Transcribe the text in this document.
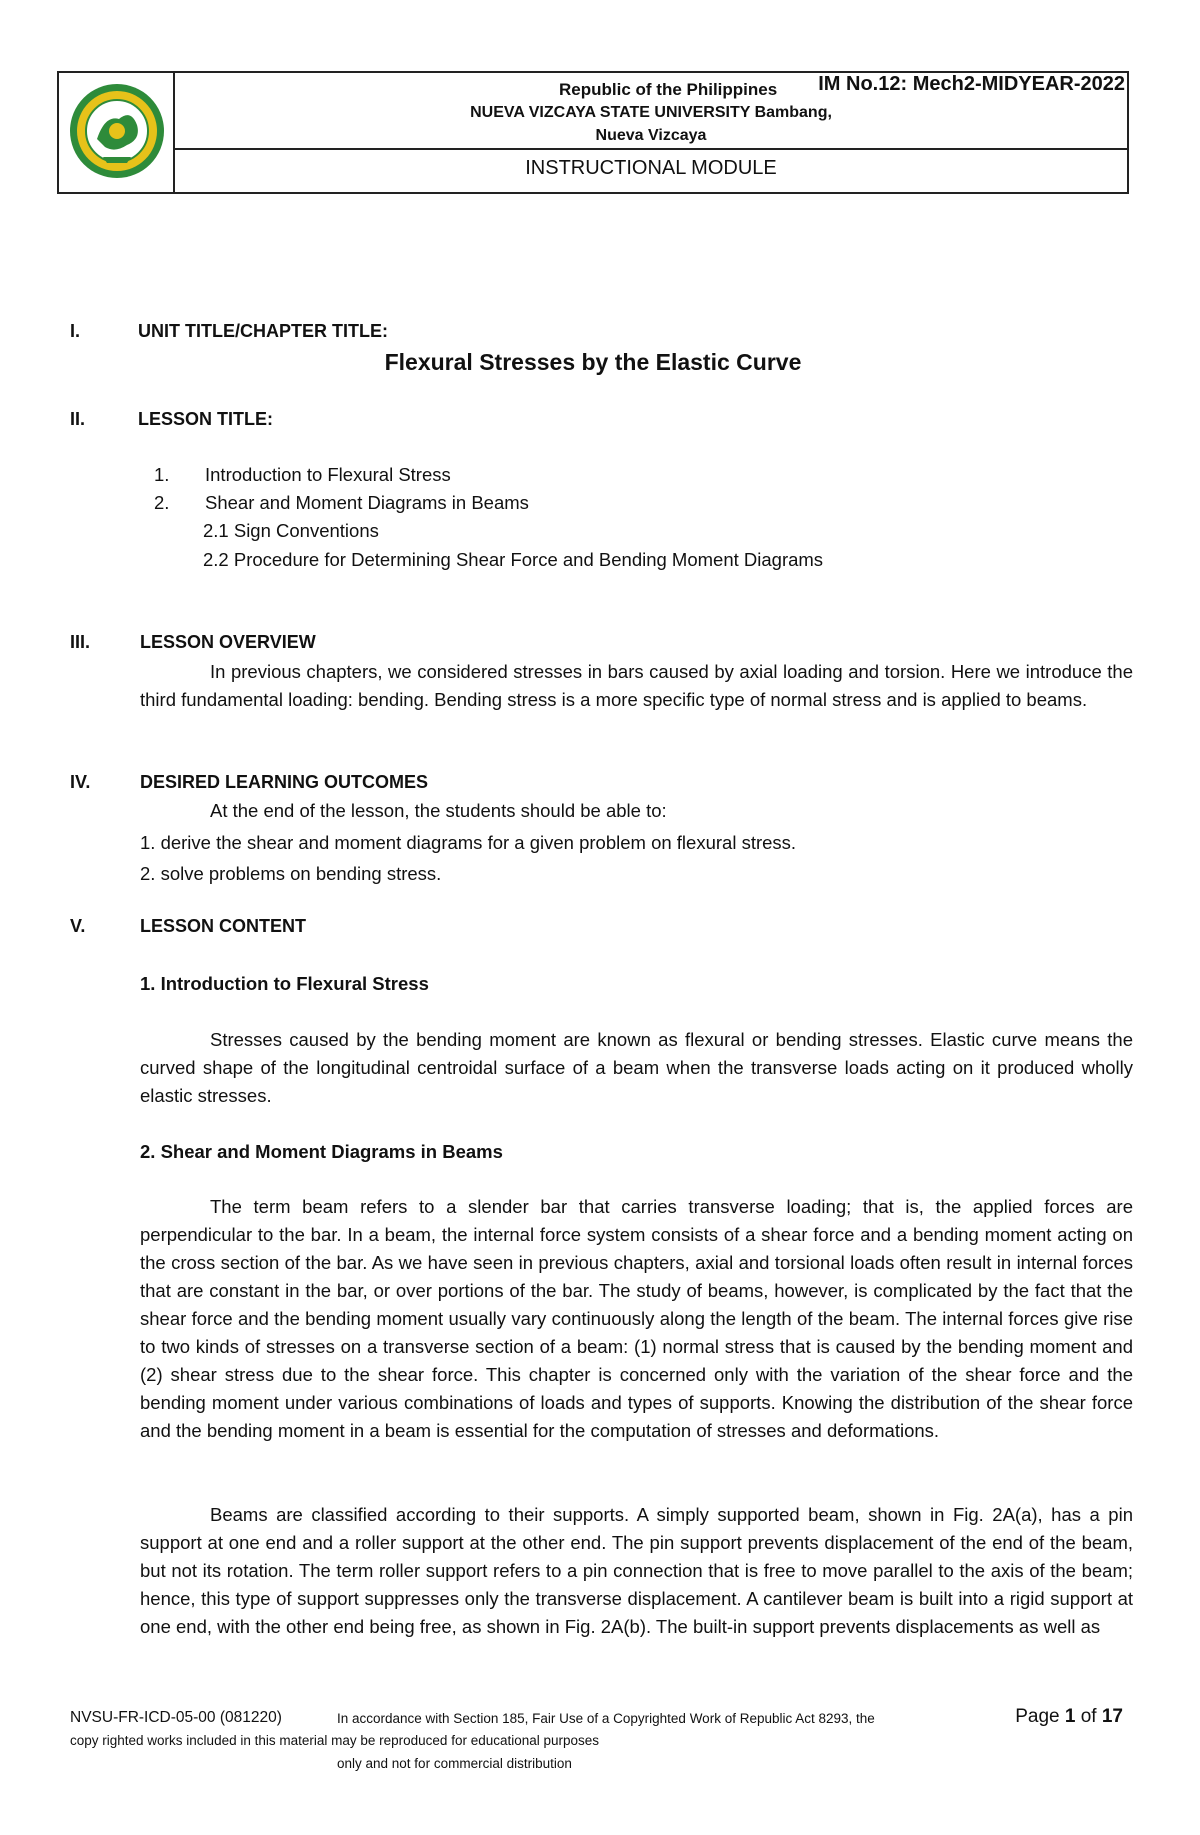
Republic of the Philippines IM No.12: Mech2-MIDYEAR-2022
NUEVA VIZCAYA STATE UNIVERSITY Bambang,
Nueva Vizcaya
INSTRUCTIONAL MODULE
I.	UNIT TITLE/CHAPTER TITLE:
Flexural Stresses by the Elastic Curve
II.	LESSON TITLE:
1. Introduction to Flexural Stress
2. Shear and Moment Diagrams in Beams
2.1 Sign Conventions
2.2 Procedure for Determining Shear Force and Bending Moment Diagrams
III.	LESSON OVERVIEW
In previous chapters, we considered stresses in bars caused by axial loading and torsion. Here we introduce the third fundamental loading: bending. Bending stress is a more specific type of normal stress and is applied to beams.
IV.	DESIRED LEARNING OUTCOMES
At the end of the lesson, the students should be able to:
1. derive the shear and moment diagrams for a given problem on flexural stress.
2. solve problems on bending stress.
V.	LESSON CONTENT
1. Introduction to Flexural Stress
Stresses caused by the bending moment are known as flexural or bending stresses. Elastic curve means the curved shape of the longitudinal centroidal surface of a beam when the transverse loads acting on it produced wholly elastic stresses.
2. Shear and Moment Diagrams in Beams
The term beam refers to a slender bar that carries transverse loading; that is, the applied forces are perpendicular to the bar. In a beam, the internal force system consists of a shear force and a bending moment acting on the cross section of the bar. As we have seen in previous chapters, axial and torsional loads often result in internal forces that are constant in the bar, or over portions of the bar. The study of beams, however, is complicated by the fact that the shear force and the bending moment usually vary continuously along the length of the beam. The internal forces give rise to two kinds of stresses on a transverse section of a beam: (1) normal stress that is caused by the bending moment and (2) shear stress due to the shear force. This chapter is concerned only with the variation of the shear force and the bending moment under various combinations of loads and types of supports. Knowing the distribution of the shear force and the bending moment in a beam is essential for the computation of stresses and deformations.
Beams are classified according to their supports. A simply supported beam, shown in Fig. 2A(a), has a pin support at one end and a roller support at the other end. The pin support prevents displacement of the end of the beam, but not its rotation. The term roller support refers to a pin connection that is free to move parallel to the axis of the beam; hence, this type of support suppresses only the transverse displacement. A cantilever beam is built into a rigid support at one end, with the other end being free, as shown in Fig. 2A(b). The built-in support prevents displacements as well as
NVSU-FR-ICD-05-00 (081220)	In accordance with Section 185, Fair Use of a Copyrighted Work of Republic Act 8293, the	Page 1 of 17
copy righted works included in this material may be reproduced for educational purposes
only and not for commercial distribution
